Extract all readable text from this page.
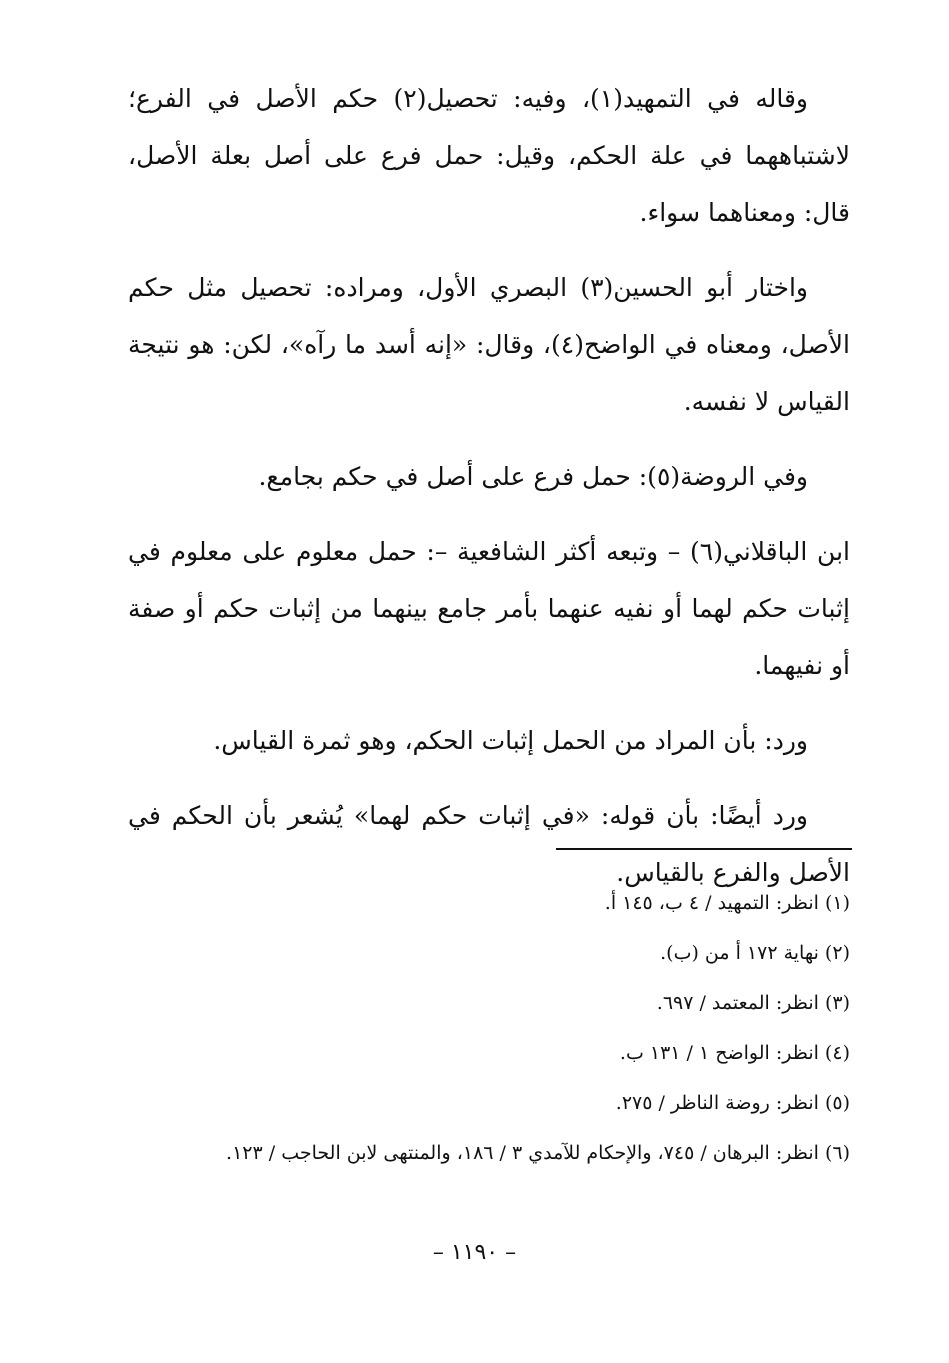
وقاله في التمهيد(١)، وفيه: تحصيل(٢) حكم الأصل في الفرع؛ لاشتباههما في علة الحكم، وقيل: حمل فرع على أصل بعلة الأصل، قال: ومعناهما سواء.

واختار أبو الحسين(٣) البصري الأول، ومراده: تحصيل مثل حكم الأصل، ومعناه في الواضح(٤)، وقال: «إنه أسد ما رآه»، لكن: هو نتيجة القياس لا نفسه.

وفي الروضة(٥): حمل فرع على أصل في حكم بجامع.

ابن الباقلاني(٦) – وتبعه أكثر الشافعية –: حمل معلوم على معلوم في إثبات حكم لهما أو نفيه عنهما بأمر جامع بينهما من إثبات حكم أو صفة أو نفيهما.

ورد: بأن المراد من الحمل إثبات الحكم، وهو ثمرة القياس.

ورد أيضًا: بأن قوله: «في إثبات حكم لهما» يُشعر بأن الحكم في الأصل والفرع بالقياس.

(١) انظر: التمهيد / ٤ ب، ١٤٥ أ.
(٢) نهاية ١٧٢ أ من (ب).
(٣) انظر: المعتمد / ٦٩٧.
(٤) انظر: الواضح ١ / ١٣١ ب.
(٥) انظر: روضة الناظر / ٢٧٥.
(٦) انظر: البرهان / ٧٤٥، والإحكام للآمدي ٣ / ١٨٦، والمنتهى لابن الحاجب / ١٢٣.
– ١١٩٠ –
